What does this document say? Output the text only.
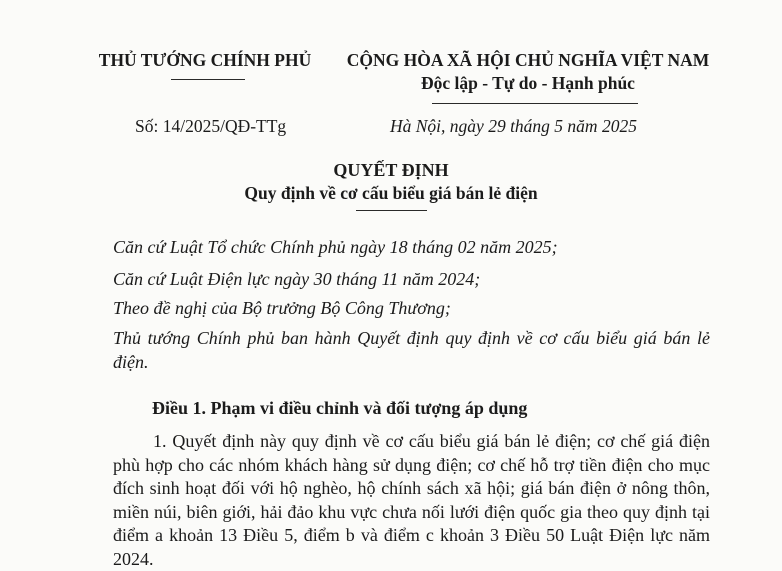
THỦ TƯỚNG CHÍNH PHỦ	CỘNG HÒA XÃ HỘI CHỦ NGHĨA VIỆT NAM
Độc lập - Tự do - Hạnh phúc
Số: 14/2025/QĐ-TTg	Hà Nội, ngày 29 tháng 5 năm 2025
QUYẾT ĐỊNH
Quy định về cơ cấu biểu giá bán lẻ điện
Căn cứ Luật Tổ chức Chính phủ ngày 18 tháng 02 năm 2025;
Căn cứ Luật Điện lực ngày 30 tháng 11 năm 2024;
Theo đề nghị của Bộ trưởng Bộ Công Thương;
Thủ tướng Chính phủ ban hành Quyết định quy định về cơ cấu biểu giá bán lẻ điện.
Điều 1. Phạm vi điều chỉnh và đối tượng áp dụng
1. Quyết định này quy định về cơ cấu biểu giá bán lẻ điện; cơ chế giá điện phù hợp cho các nhóm khách hàng sử dụng điện; cơ chế hỗ trợ tiền điện cho mục đích sinh hoạt đối với hộ nghèo, hộ chính sách xã hội; giá bán điện ở nông thôn, miền núi, biên giới, hải đảo khu vực chưa nối lưới điện quốc gia theo quy định tại điểm a khoản 13 Điều 5, điểm b và điểm c khoản 3 Điều 50 Luật Điện lực năm 2024.
